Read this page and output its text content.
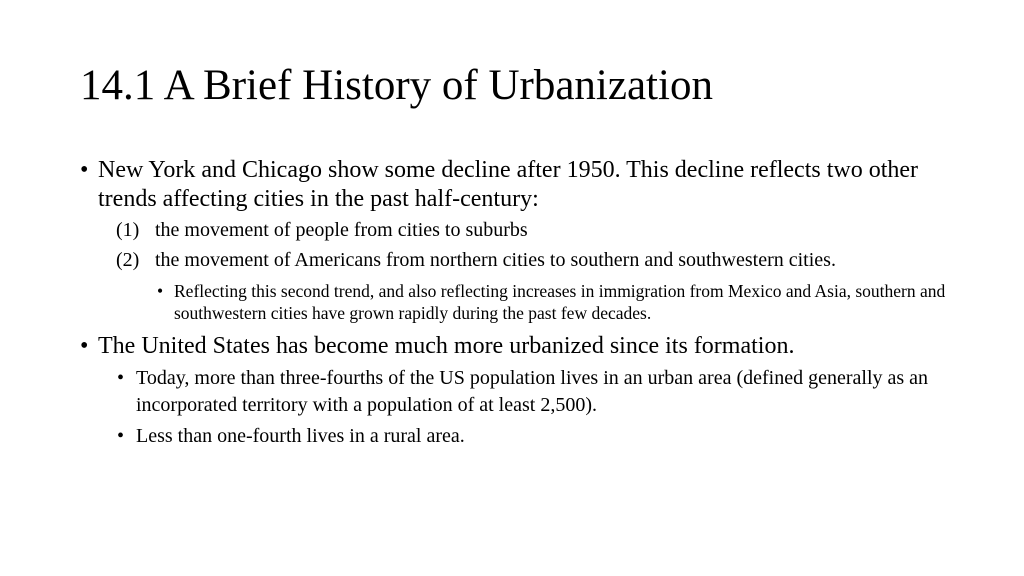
14.1 A Brief History of Urbanization
• New York and Chicago show some decline after 1950. This decline reflects two other trends affecting cities in the past half-century:
(1) the movement of people from cities to suburbs
(2) the movement of Americans from northern cities to southern and southwestern cities.
• Reflecting this second trend, and also reflecting increases in immigration from Mexico and Asia, southern and southwestern cities have grown rapidly during the past few decades.
• The United States has become much more urbanized since its formation.
• Today, more than three-fourths of the US population lives in an urban area (defined generally as an incorporated territory with a population of at least 2,500).
• Less than one-fourth lives in a rural area.
